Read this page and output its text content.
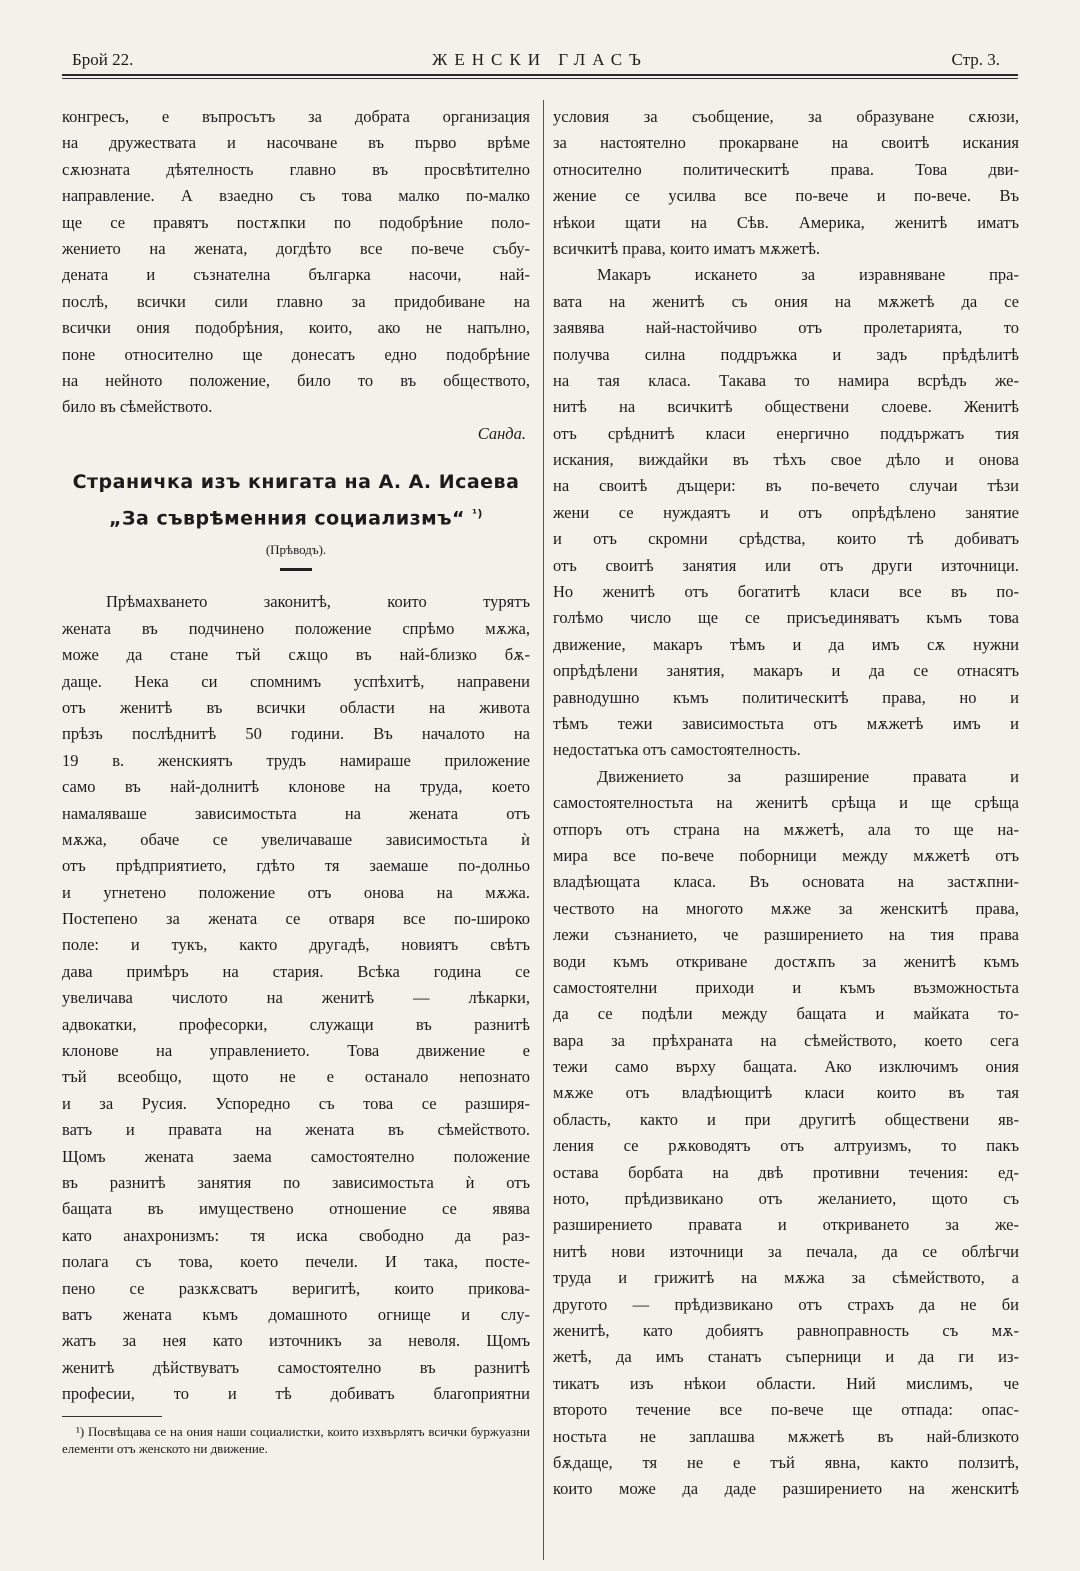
Брой 22.	ЖЕНСКИ ГЛАСЪ	Стр. 3.
конгресъ, е въпросътъ за добрата организация
на дружествата и насочване въ първо врѣме
сѫюзната дѣятелность главно въ просвѣтително
направление. А взаедно съ това малко по-малко
ще се правятъ постѫпки по подобрѣние поло-
жението на жената, догдѣто все по-вече събу-
дената и съзнателна българка насочи, най-
послѣ, всички сили главно за придобиване на
всички ония подобрѣния, които, ако не напълно,
поне относително ще донесатъ едно подобрѣние
на нейното положение, било то въ обществото,
било въ сѣмейството.
Санда.
Страничка изъ книгата на А. А. Исаева
„За съврѣменния социализмъ“ $^{^1)}$
(Прѣводъ).
Прѣмахването законитѣ, които турятъ
жената въ подчинено положение спрѣмо мѫжа,
може да стане тъй сѫщо въ най-близко бѫ-
даще. Нека си спомнимъ успѣхитѣ, направени
отъ женитѣ въ всички области на живота
прѣзъ послѣднитѣ 50 години. Въ началото на
19 в. женскиятъ трудъ намираше приложение
само въ най-долнитѣ клонове на труда, което
намаляваше зависимостьта на жената отъ
мѫжа, обаче се увеличаваше зависимостьта ѝ
отъ прѣдприятието, гдѣто тя заемаше по-долньо
и угнетено положение отъ онова на мѫжа.
Постепено за жената се отваря все по-широко
поле: и тукъ, както другадѣ, новиятъ свѣтъ
дава примѣръ на стария. Всѣка година се
увеличава числото на женитѣ — лѣкарки,
адвокатки, професорки, служащи въ разнитѣ
клонове на управлението. Това движение е
тъй всеобщо, щото не е останало непознато
и за Русия. Успоредно съ това се разширя-
ватъ и правата на жената въ сѣмейството.
Щомъ жената заема самостоятелно положение
въ разнитѣ занятия по зависимостьта ѝ отъ
бащата въ имуществено отношение се явява
като анахронизмъ: тя иска свободно да раз-
полага съ това, което печели. И така, посте-
пено се разкѫсватъ веригитѣ, които прикова-
ватъ жената къмъ домашното огнище и слу-
жатъ за нея като източникъ за неволя. Щомъ
женитѣ дѣйствуватъ самостоятелно въ разнитѣ
професии, то и тѣ добиватъ благоприятни
¹) Посвѣщава се на ония наши социалистки, които изхвърлятъ всички буржуазни елементи отъ женското ни движение.
условия за съобщение, за образуване сѫюзи,
за настоятелно прокарване на своитѣ искания
относително политическитѣ права. Това дви-
жение се усилва все по-вече и по-вече. Въ
нѣкои щати на Сѣв. Америка, женитѣ иматъ
всичкитѣ права, които иматъ мѫжетѣ.
Макаръ искането за изравняване пра-
вата на женитѣ съ ония на мѫжетѣ да се
заявява най-настойчиво отъ пролетарията, то
получва силна поддръжка и задъ прѣдѣлитѣ
на тая класа. Такава то намира всрѣдъ же-
нитѣ на всичкитѣ обществени слоеве. Женитѣ
отъ срѣднитѣ класи енергично поддържатъ тия
искания, виждайки въ тѣхъ свое дѣло и онова
на своитѣ дъщери: въ по-вечето случаи тѣзи
жени се нуждаятъ и отъ опрѣдѣлено занятие
и отъ скромни срѣдства, които тѣ добиватъ
отъ своитѣ занятия или отъ други източници.
Но женитѣ отъ богатитѣ класи все въ по-
голѣмо число ще се присъединяватъ къмъ това
движение, макаръ тѣмъ и да имъ сѫ нужни
опрѣдѣлени занятия, макаръ и да се отнасятъ
равнодушно къмъ политическитѣ права, но и
тѣмъ тежи зависимостьта отъ мѫжетѣ имъ и
недостатъка отъ самостоятелность.
Движението за разширение правата и
самостоятелностьта на женитѣ срѣща и ще срѣща
отпоръ отъ страна на мѫжетѣ, ала то ще на-
мира все по-вече поборници между мѫжетѣ отъ
владѣющата класа. Въ основата на застѫпни-
чеството на многото мѫже за женскитѣ права,
лежи съзнанието, че разширението на тия права
води къмъ откриване достѫпъ за женитѣ къмъ
самостоятелни приходи и къмъ възможностьта
да се подѣли между бащата и майката то-
вара за прѣхраната на сѣмейството, което сега
тежи само върху бащата. Ако изключимъ ония
мѫже отъ владѣющитѣ класи които въ тая
область, както и при другитѣ обществени яв-
ления се рѫководятъ отъ алтруизмъ, то пакъ
остава борбата на двѣ противни течения: ед-
ното, прѣдизвикано отъ желанието, щото съ
разширението правата и откриването за же-
нитѣ нови източници за печала, да се облѣгчи
труда и грижитѣ на мѫжа за сѣмейството, а
другото — прѣдизвикано отъ страхъ да не би
женитѣ, като добиятъ равноправность съ мѫ-
жетѣ, да имъ станатъ съперници и да ги из-
тикатъ изъ нѣкои области. Ний мислимъ, че
второто течение все по-вече ще отпада: опас-
ностьта не заплашва мѫжетѣ въ най-близкото
бѫдаще, тя не е тъй явна, както ползитѣ,
които може да даде разширението на женскитѣ
